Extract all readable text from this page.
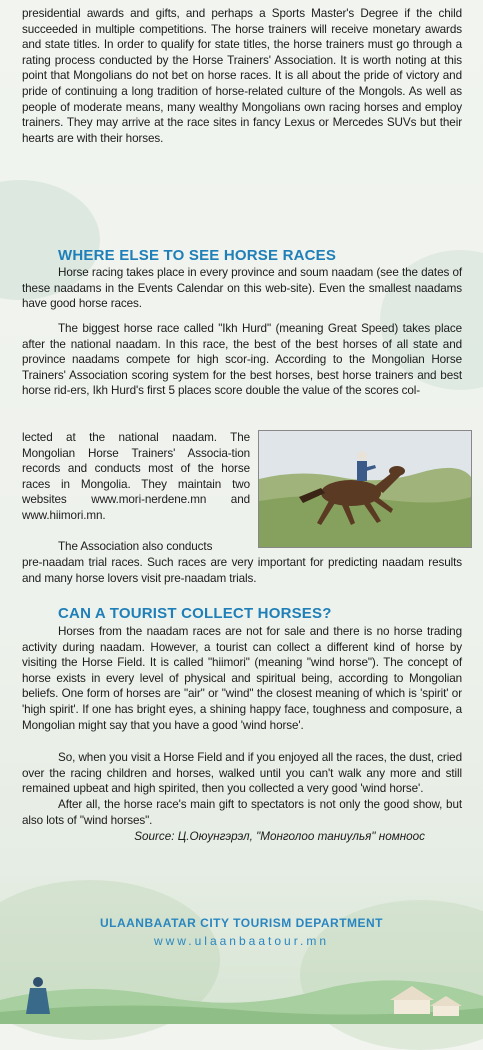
presidential awards and gifts, and perhaps a Sports Master's Degree if the child succeeded in multiple competitions. The horse trainers will receive monetary awards and state titles. In order to qualify for state titles, the horse trainers must go through a rating process conducted by the Horse Trainers' Association. It is worth noting at this point that Mongolians do not bet on horse races. It is all about the pride of victory and pride of continuing a long tradition of horse-related culture of the Mongols. As well as people of moderate means, many wealthy Mongolians own racing horses and employ trainers. They may arrive at the race sites in fancy Lexus or Mercedes SUVs but their hearts are with their horses.

WHERE ELSE TO SEE HORSE RACES

Horse racing takes place in every province and soum naadam (see the dates of these naadams in the Events Calendar on this web-site). Even the smallest naadams have good horse races.

The biggest horse race called "Ikh Hurd" (meaning Great Speed) takes place after the national naadam. In this race, the best of the best horses of all state and province naadams compete for high scor-ing. According to the Mongolian Horse Trainers' Association scoring system for the best horses, best horse trainers and best horse rid-ers, Ikh Hurd's first 5 places score double the value of the scores col-

lected at the national naadam. The Mongolian Horse Trainers' Associa-tion records and conducts most of the horse races in Mongolia. They maintain two websites www.mori-nerdene.mn and www.hiimori.mn.

The Association also conducts

pre-naadam trial races. Such races are very important for predicting naadam results and many horse lovers visit pre-naadam trials.

CAN A TOURIST COLLECT HORSES?

Horses from the naadam races are not for sale and there is no horse trading activity during naadam. However, a tourist can collect a different kind of horse by visiting the Horse Field. It is called "hiimori" (meaning "wind horse"). The concept of horse exists in every level of physical and spiritual being, according to Mongolian beliefs. One form of horses are "air" or "wind" the closest meaning of which is 'spirit' or 'high spirit'. If one has bright eyes, a shining happy face, toughness and composure, a Mongolian might say that you have a good 'wind horse'.

So, when you visit a Horse Field and if you enjoyed all the races, the dust, cried over the racing children and horses, walked until you can't walk any more and still remained upbeat and high spirited, then you collected a very good 'wind horse'.

After all, the horse race's main gift to spectators is not only the good show, but also lots of "wind horses".

Source: Ц.Оюунгэрэл, "Монголоо таниулья" номноос
ULAANBAATAR CITY TOURISM DEPARTMENT
www.ulaanbaatour.mn
